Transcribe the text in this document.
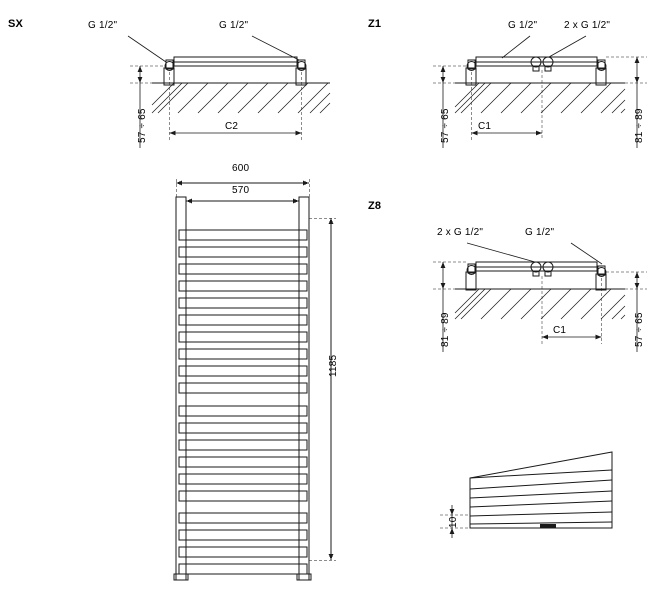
SX	Z1
Z8
G 1/2"	G 1/2"
57 ÷ 65	C2
G 1/2"	2 x G 1/2"
57 ÷ 65	81 ÷ 89
C1
2 x G 1/2"	G 1/2"
81 ÷ 89	57 ÷ 65
C1
600
570
1185
10
